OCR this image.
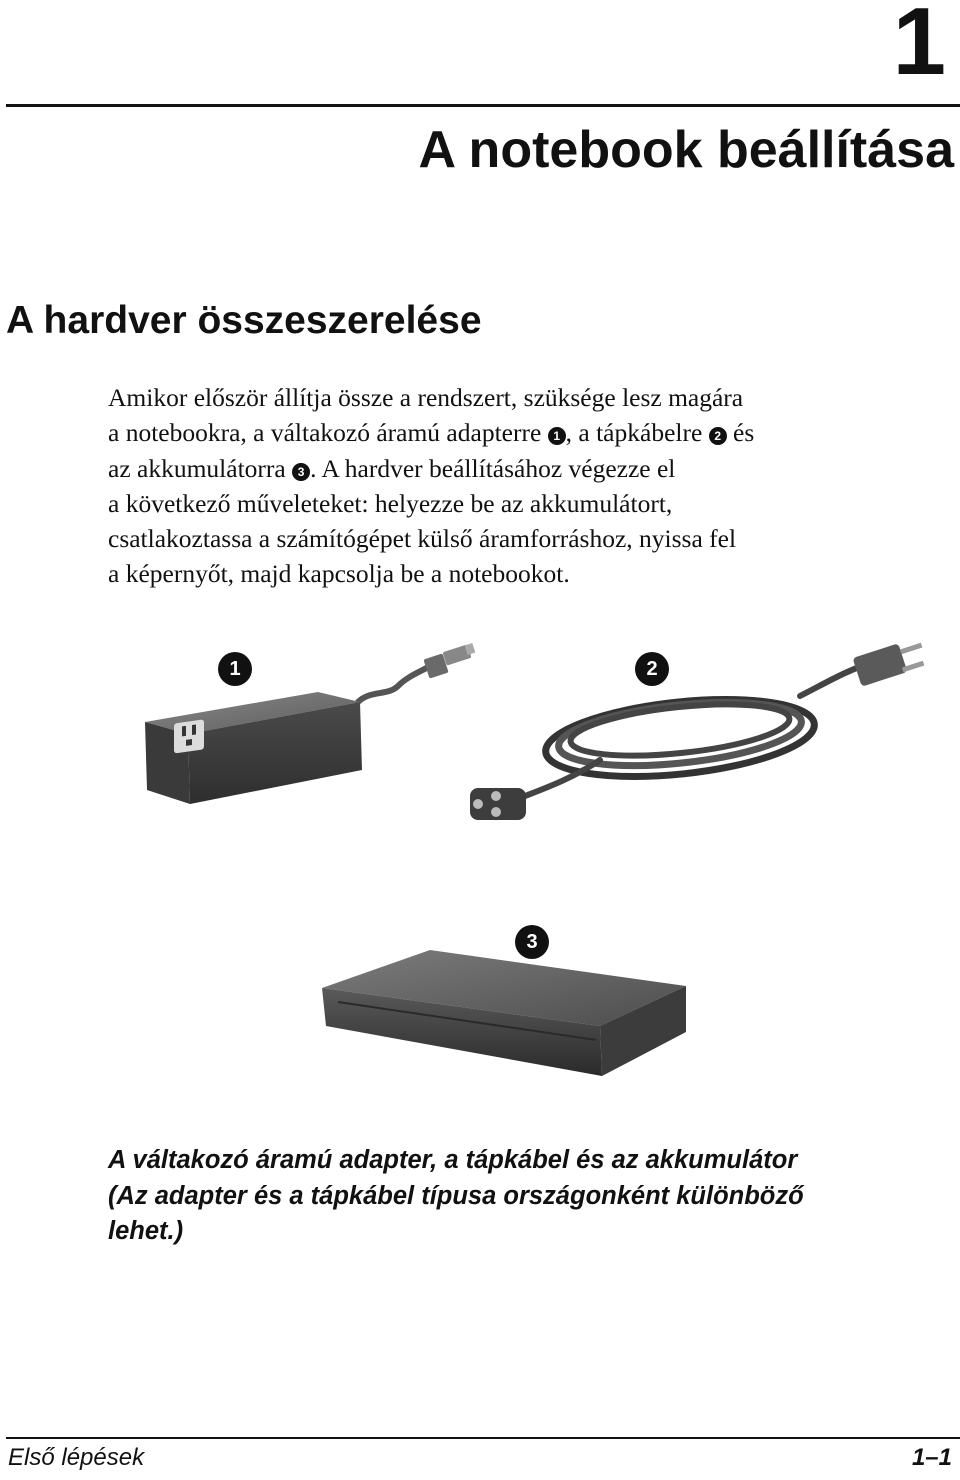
1
A notebook beállítása
A hardver összeszerelése
Amikor először állítja össze a rendszert, szüksége lesz magára
a notebookra, a váltakozó áramú adapterre 1 , a tápkábelre 2 és
az akkumulátorra 3 . A hardver beállításához végezze el
a következő műveleteket: helyezze be az akkumulátort,
csatlakoztassa a számítógépet külső áramforráshoz, nyissa fel
a képernyőt, majd kapcsolja be a notebookot.
1	2
3
A váltakozó áramú adapter, a tápkábel és az akkumulátor
(Az adapter és a tápkábel típusa országonként különböző
lehet.)
Első lépések	1–1
